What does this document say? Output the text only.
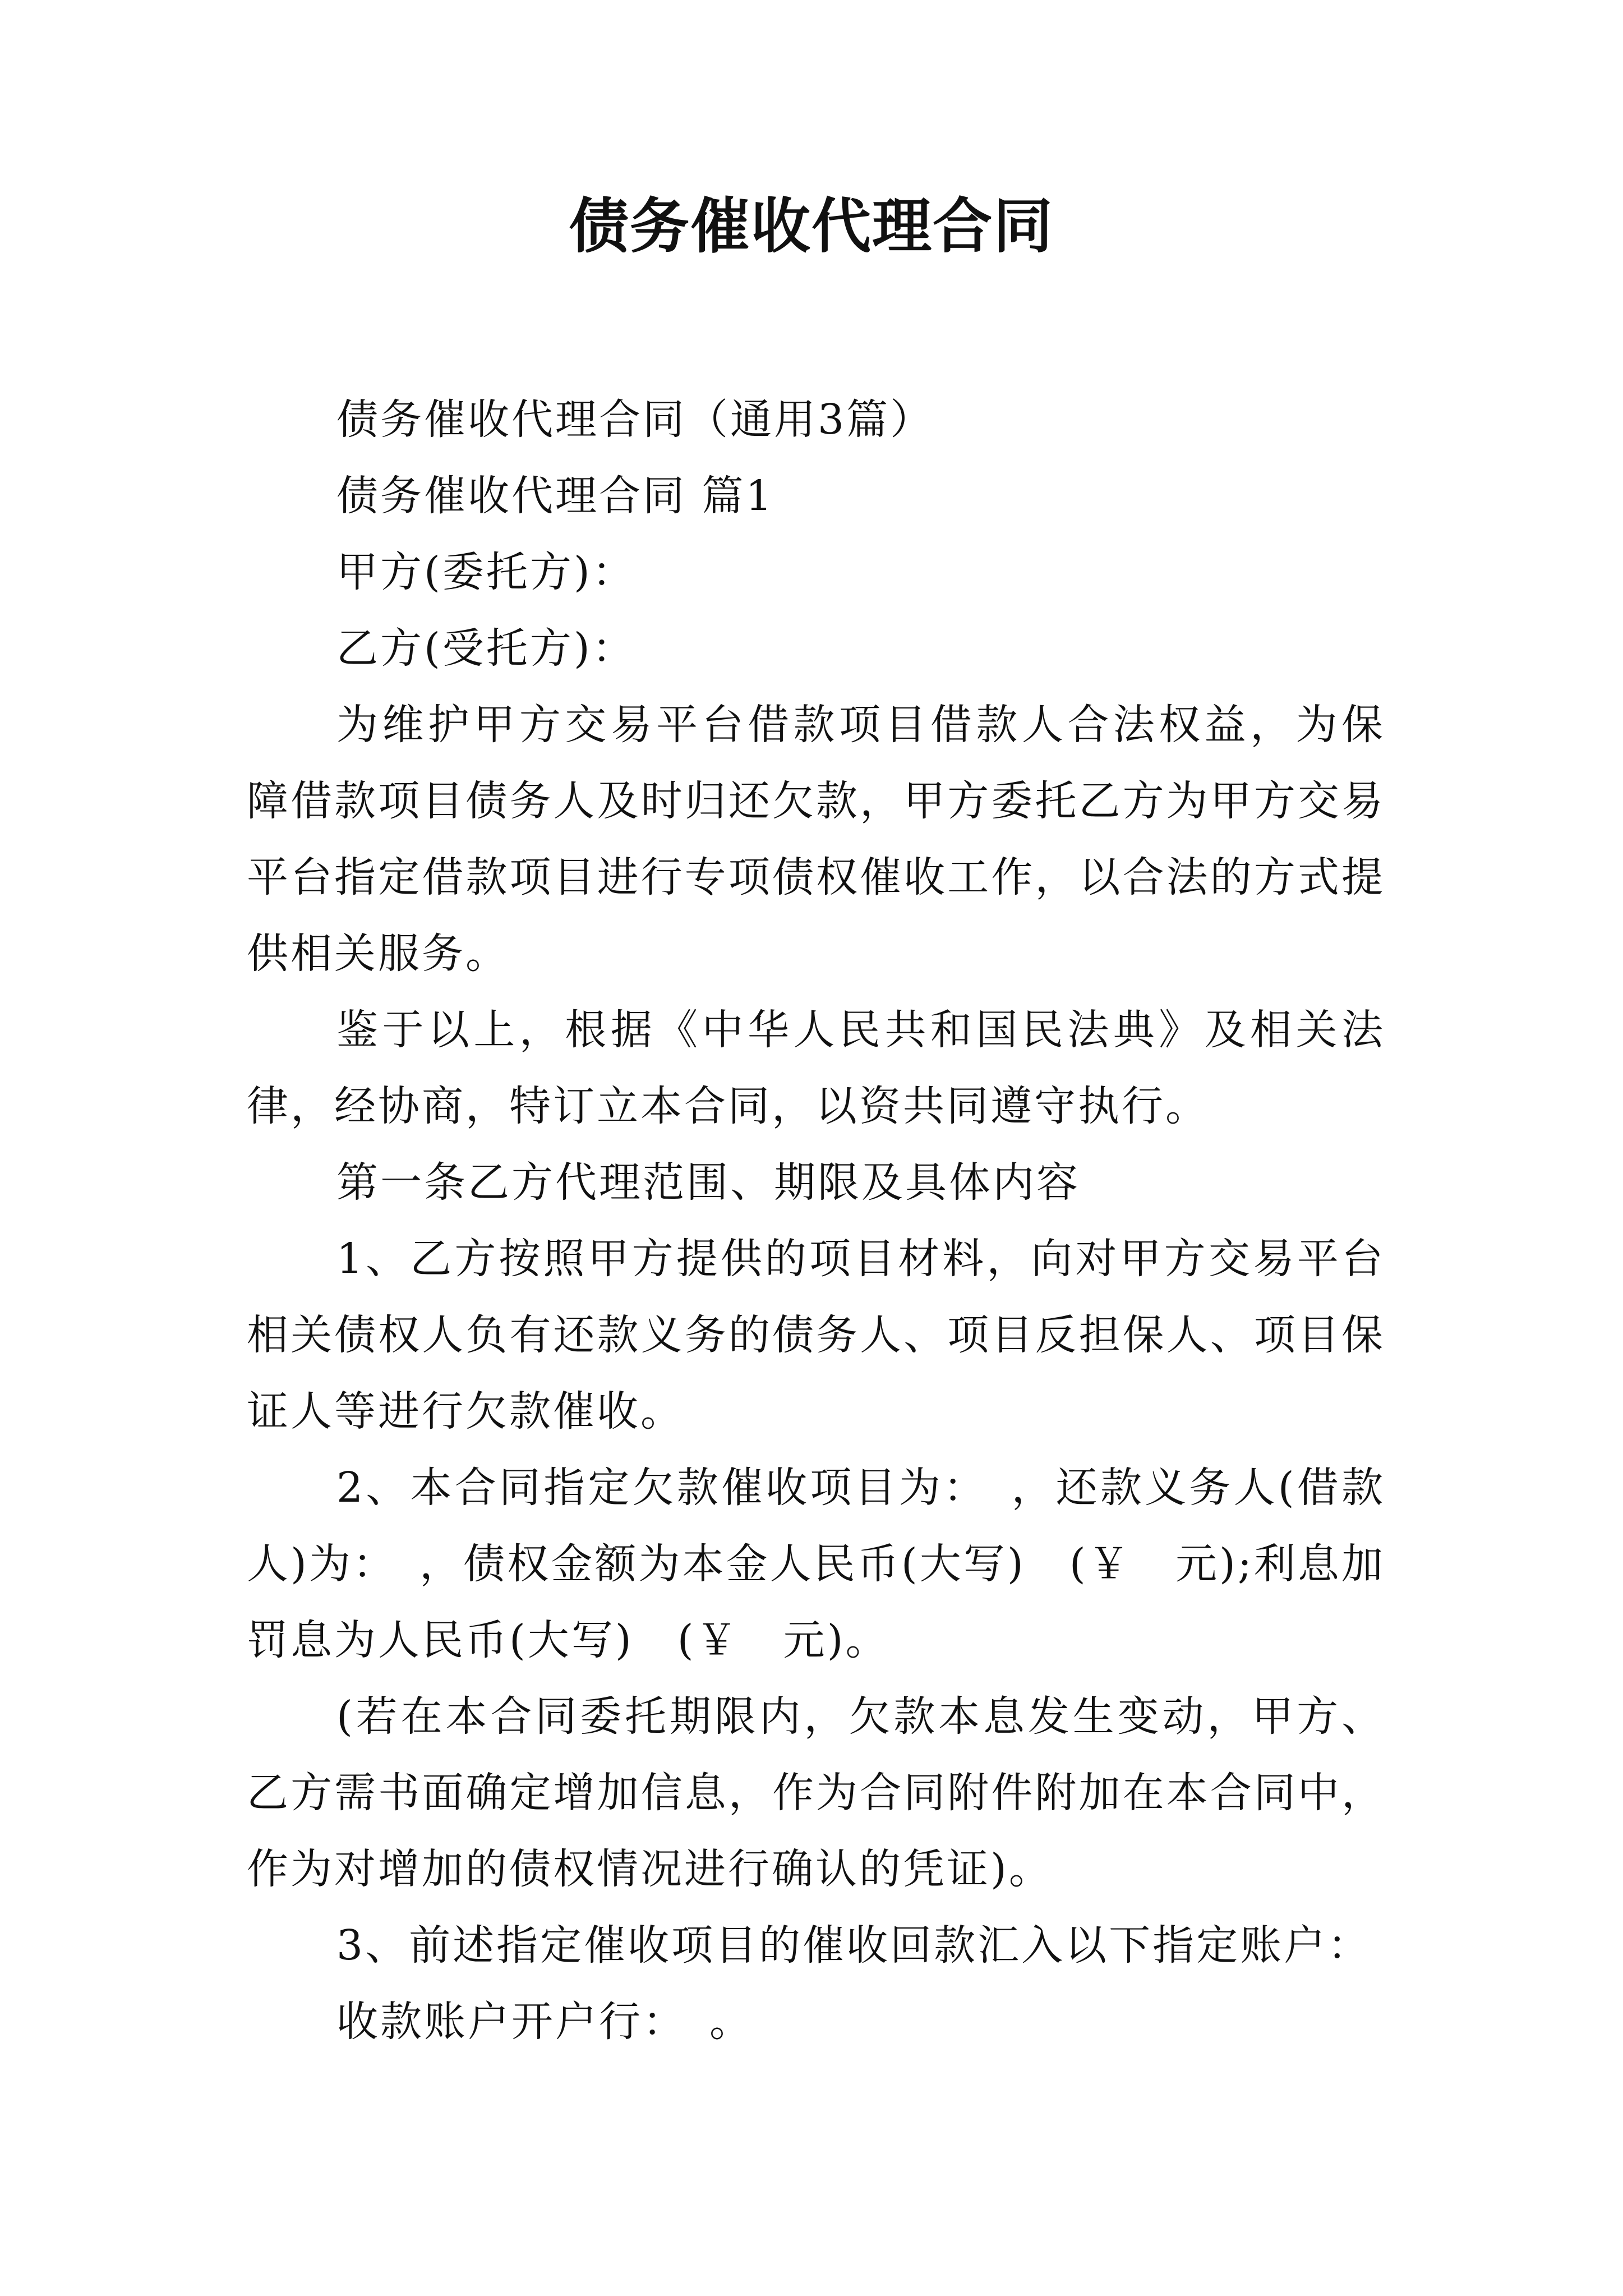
债务催收代理合同

债务催收代理合同（通用3篇）

债务催收代理合同 篇1

甲方(委托方)：

乙方(受托方)：

为维护甲方交易平台借款项目借款人合法权益，为保障借款项目债务人及时归还欠款，甲方委托乙方为甲方交易平台指定借款项目进行专项债权催收工作，以合法的方式提供相关服务。

鉴于以上，根据《中华人民共和国民法典》及相关法律，经协商，特订立本合同，以资共同遵守执行。

第一条乙方代理范围、期限及具体内容

1、乙方按照甲方提供的项目材料，向对甲方交易平台相关债权人负有还款义务的债务人、项目反担保人、项目保证人等进行欠款催收。

2、本合同指定欠款催收项目为：　，还款义务人(借款人)为：　，债权金额为本金人民币(大写)　(￥　元);利息加罚息为人民币(大写)　(￥　元)。

(若在本合同委托期限内，欠款本息发生变动，甲方、乙方需书面确定增加信息，作为合同附件附加在本合同中，作为对增加的债权情况进行确认的凭证)。

3、前述指定催收项目的催收回款汇入以下指定账户：

收款账户开户行：　。
